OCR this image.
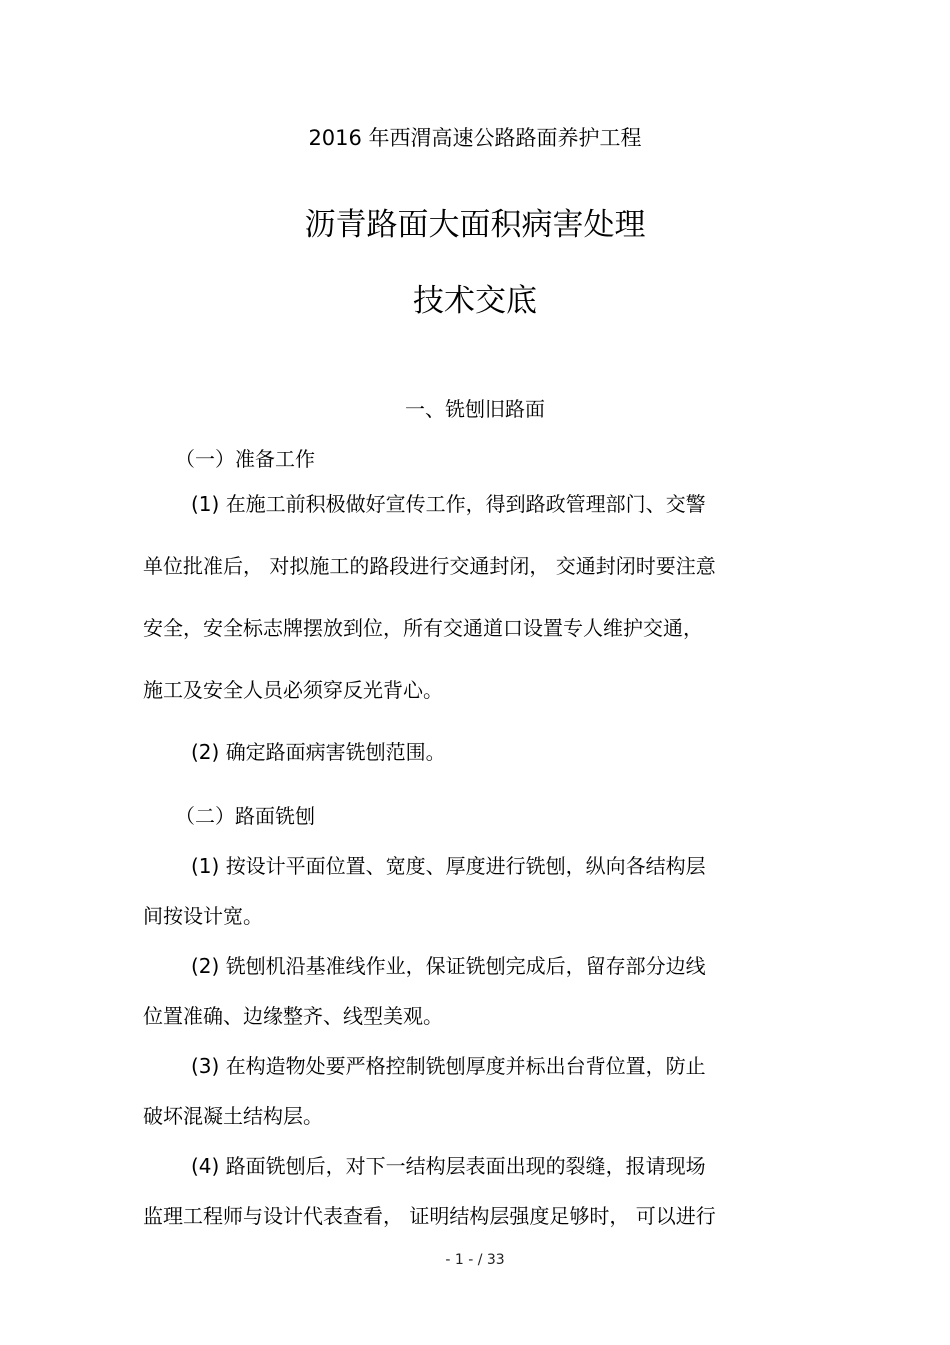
2016 年西渭高速公路路面养护工程
沥青路面大面积病害处理
技术交底
一、铣刨旧路面
（一）准备工作
(1) 在施工前积极做好宣传工作，得到路政管理部门、交警
单位批准后， 对拟施工的路段进行交通封闭， 交通封闭时要注意
安全，安全标志牌摆放到位，所有交通道口设置专人维护交通，
施工及安全人员必须穿反光背心。
(2) 确定路面病害铣刨范围。
（二）路面铣刨
(1) 按设计平面位置、宽度、厚度进行铣刨，纵向各结构层
间按设计宽。
(2) 铣刨机沿基准线作业，保证铣刨完成后，留存部分边线
位置准确、边缘整齐、线型美观。
(3) 在构造物处要严格控制铣刨厚度并标出台背位置，防止
破坏混凝土结构层。
(4) 路面铣刨后，对下一结构层表面出现的裂缝，报请现场
监理工程师与设计代表查看， 证明结构层强度足够时， 可以进行
- 1 - / 33
